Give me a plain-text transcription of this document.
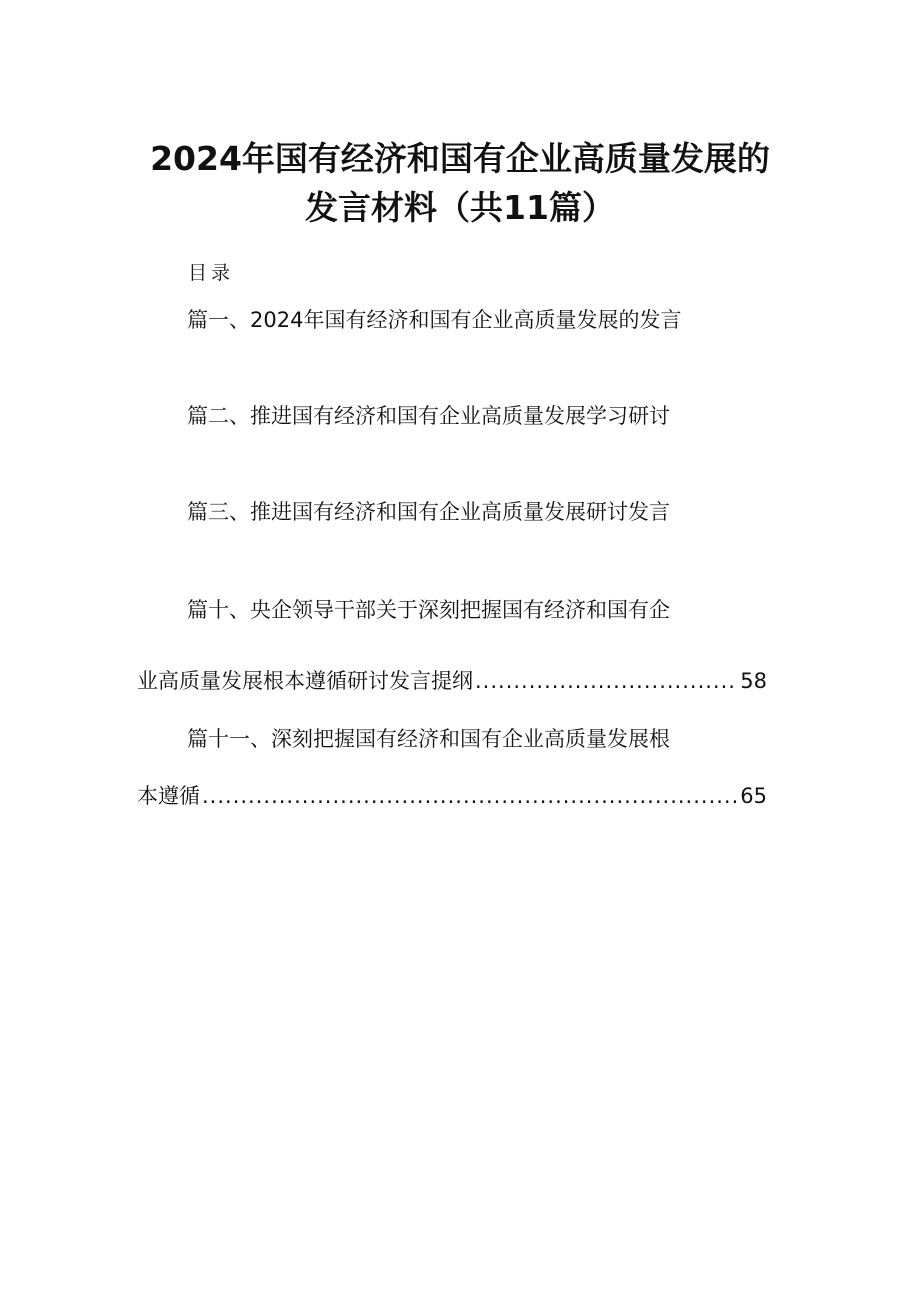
2024年国有经济和国有企业高质量发展的
发言材料（共11篇）
目录
篇一、2024年国有经济和国有企业高质量发展的发言
篇二、推进国有经济和国有企业高质量发展学习研讨
篇三、推进国有经济和国有企业高质量发展研讨发言
篇十、央企领导干部关于深刻把握国有经济和国有企
业高质量发展根本遵循研讨发言提纲 .....	58
篇十一、深刻把握国有经济和国有企业高质量发展根
本遵循 .....	65
